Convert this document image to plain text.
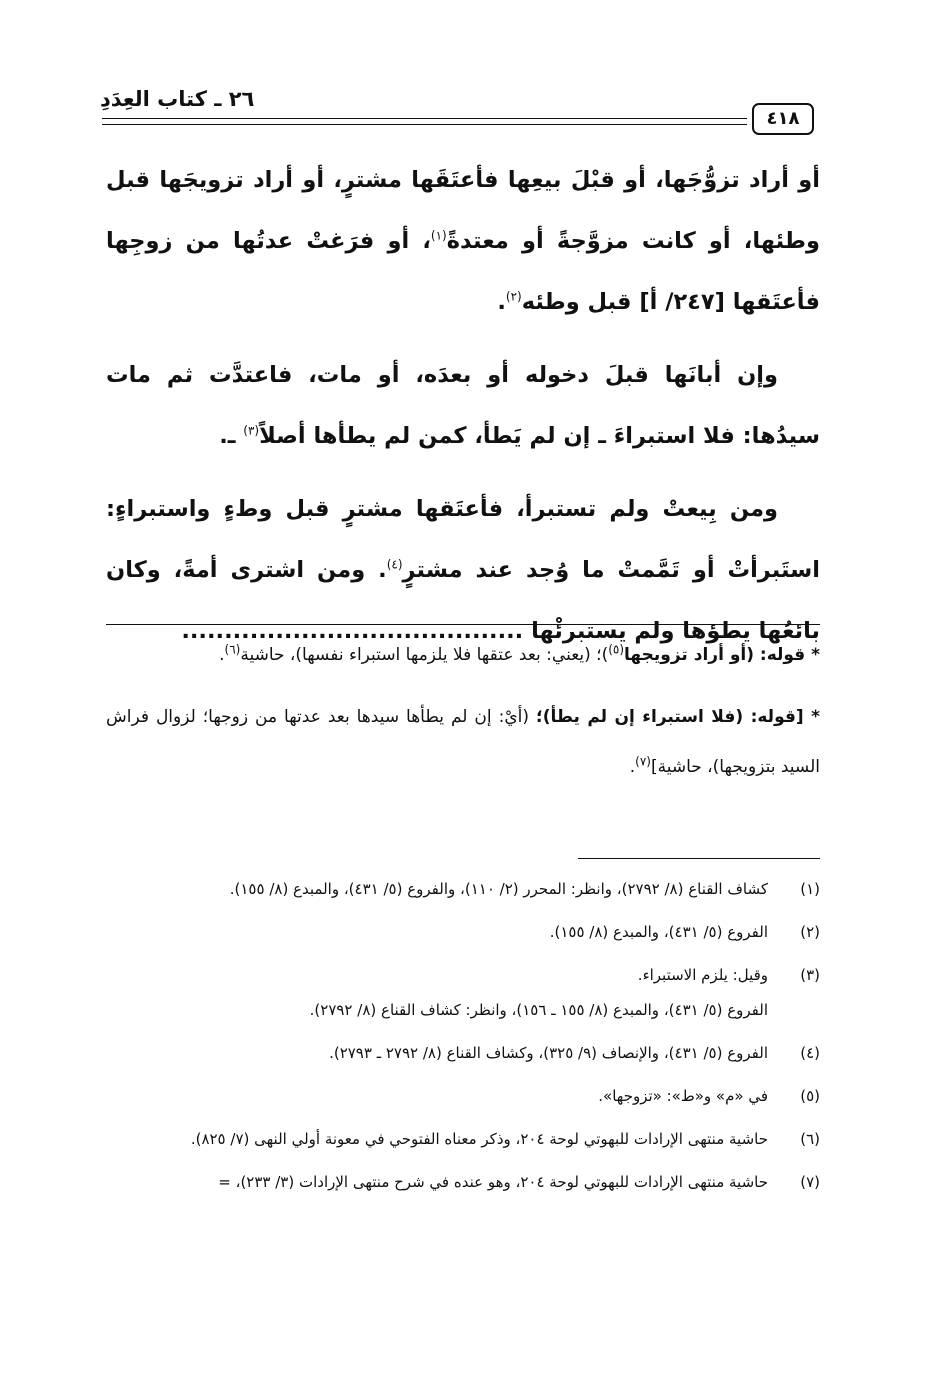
٢٦ ـ كتاب العِدَدِ
٤١٨

أو أراد تزوُّجَها، أو قبْلَ بيعِها فأعتَقَها مشترٍ، أو أراد تزويجَها قبل وطئها، أو كانت مزوَّجةً أو معتدةً$^{(١)}$، أو فرَغتْ عدتُها من زوجِها فأعتَقها [٢٤٧/ أ] قبل وطئه$^{(٢)}$.

وإن أبانَها قبلَ دخوله أو بعدَه، أو مات، فاعتدَّت ثم مات سيدُها: فلا استبراءَ ـ إن لم يَطأ، كمن لم يطأها أصلاً$^{(٣)}$ ـ.

ومن بِيعتْ ولم تستبرأ، فأعتَقها مشترٍ قبل وطءٍ واستبراءٍ: استَبرأتْ أو تَمَّمتْ ما وُجد عند مشترٍ$^{(٤)}$. ومن اشترى أمةً، وكان بائعُها يطؤها ولم يستبرئْها ........................................

* قوله: (أو أراد تزويجها$^{(٥)}$)؛ (يعني: بعد عتقها فلا يلزمها استبراء نفسها)، حاشية$^{(٦)}$.

* [قوله: (فلا استبراء إن لم يطأ)؛ (أيْ: إن لم يطأها سيدها بعد عدتها من زوجها؛ لزوال فراش السيد بتزويجها)، حاشية]$^{(٧)}$.

(١)
كشاف القناع (٨/ ٢٧٩٢)، وانظر: المحرر (٢/ ١١٠)، والفروع (٥/ ٤٣١)، والمبدع (٨/ ١٥٥).
(٢)
الفروع (٥/ ٤٣١)، والمبدع (٨/ ١٥٥).
(٣)
وقيل: يلزم الاستبراء.
الفروع (٥/ ٤٣١)، والمبدع (٨/ ١٥٥ ـ ١٥٦)، وانظر: كشاف القناع (٨/ ٢٧٩٢).
(٤)
الفروع (٥/ ٤٣١)، والإنصاف (٩/ ٣٢٥)، وكشاف القناع (٨/ ٢٧٩٢ ـ ٢٧٩٣).
(٥)
في «م» و«ط»: «تزوجها».
(٦)
حاشية منتهى الإرادات للبهوتي لوحة ٢٠٤، وذكر معناه الفتوحي في معونة أولي النهى (٧/ ٨٢٥).
(٧)
حاشية منتهى الإرادات للبهوتي لوحة ٢٠٤، وهو عنده في شرح منتهى الإرادات (٣/ ٢٣٣)، =
